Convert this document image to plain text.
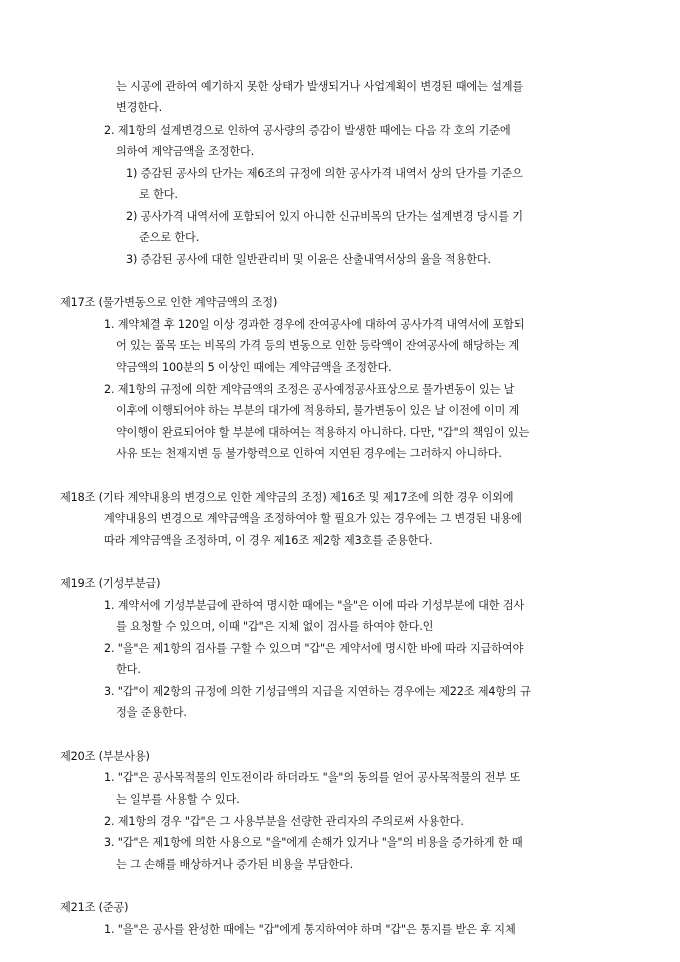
는 시공에 관하여 예기하지 못한 상태가 발생되거나 사업계획이 변경된 때에는 설계를
변경한다.
2. 제1항의 설계변경으로 인하여 공사량의 증감이 발생한 때에는 다음 각 호의 기준에
의하여 계약금액을 조정한다.
1) 증감된 공사의 단가는 제6조의 규정에 의한 공사가격 내역서 상의 단가를 기준으
로 한다.
2) 공사가격 내역서에 포함되어 있지 아니한 신규비목의 단가는 설계변경 당시를 기
준으로 한다.
3) 증감된 공사에 대한 일반관리비 및 이윤은 산출내역서상의 율을 적용한다.
제17조 (물가변동으로 인한 계약금액의 조정)
1. 계약체결 후 120일 이상 경과한 경우에 잔여공사에 대하여 공사가격 내역서에 포함되
어 있는 품목 또는 비목의 가격 등의 변동으로 인한 등락액이 잔여공사에 해당하는 계
약금액의 100분의 5 이상인 때에는 계약금액을 조정한다.
2. 제1항의 규정에 의한 계약금액의 조정은 공사예정공사표상으로 물가변동이 있는 날
이후에 이행되어야 하는 부분의 대가에 적용하되, 물가변동이 있은 날 이전에 이미 계
약이행이 완료되어야 할 부분에 대하여는 적용하지 아니하다. 다만, "갑"의 책임이 있는
사유 또는 천재지변 등 불가항력으로 인하여 지연된 경우에는 그러하지 아니하다.
제18조 (기타 계약내용의 변경으로 인한 계약금의 조정) 제16조 및 제17조에 의한 경우 이외에
계약내용의 변경으로 계약금액을 조정하여야 할 필요가 있는 경우에는 그 변경된 내용에
따라 계약금액을 조정하며, 이 경우 제16조 제2항 제3호를 준용한다.
제19조 (기성부분급)
1. 계약서에 기성부분급에 관하여 명시한 때에는 "을"은 이에 따라 기성부분에 대한 검사
를 요청할 수 있으며, 이때 "갑"은 지체 없이 검사를 하여야 한다.인
2. "을"은 제1항의 검사를 구할 수 있으며 "갑"은 계약서에 명시한 바에 따라 지급하여야
한다.
3. "갑"이 제2항의 규정에 의한 기성급액의 지급을 지연하는 경우에는 제22조 제4항의 규
정을 준용한다.
제20조 (부분사용)
1. "갑"은 공사목적물의 인도전이라 하더라도 "을"의 동의를 얻어 공사목적물의 전부 또
는 일부를 사용할 수 있다.
2. 제1항의 경우 "갑"은 그 사용부분을 선량한 관리자의 주의로써 사용한다.
3. "갑"은 제1항에 의한 사용으로 "을"에게 손해가 있거나 "을"의 비용을 증가하게 한 때
는 그 손해를 배상하거나 증가된 비용을 부담한다.
제21조 (준공)
1. "을"은 공사를 완성한 때에는 "갑"에게 통지하여야 하며 "갑"은 통지를 받은 후 지체
